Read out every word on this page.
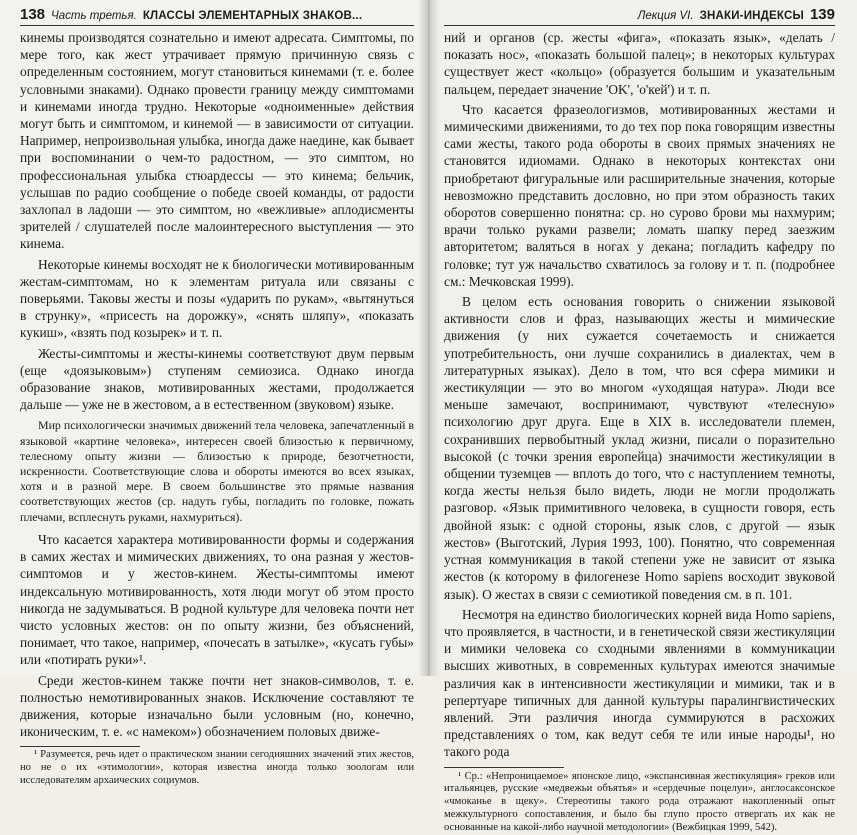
138 Часть третья. КЛАССЫ ЭЛЕМЕНТАРНЫХ ЗНАКОВ...

кинемы производятся сознательно и имеют адресата. Симптомы, по мере того, как жест утрачивает прямую причинную связь с определенным состоянием, могут становиться кинемами (т. е. более условными знаками). Однако провести границу между симптомами и кинемами иногда трудно. Некоторые «одноименные» действия могут быть и симптомом, и кинемой — в зависимости от ситуации. Например, непроизвольная улыбка, иногда даже наедине, как бывает при воспоминании о чем-то радостном, — это симптом, но профессиональная улыбка стюардессы — это кинема; бельчик, услышав по радио сообщение о победе своей команды, от радости захлопал в ладоши — это симптом, но «вежливые» аплодисменты зрителей / слушателей после малоинтересного выступления — это кинема.

Некоторые кинемы восходят не к биологически мотивированным жестам-симптомам, но к элементам ритуала или связаны с поверьями. Таковы жесты и позы «ударить по рукам», «вытянуться в струнку», «присесть на дорожку», «снять шляпу», «показать кукиш», «взять под козырек» и т. п.

Жесты-симптомы и жесты-кинемы соответствуют двум первым (еще «доязыковым») ступеням семиозиса. Однако иногда образование знаков, мотивированных жестами, продолжается дальше — уже не в жестовом, а в естественном (звуковом) языке.

Мир психологически значимых движений тела человека, запечатленный в языковой «картине человека», интересен своей близостью к первичному, телесному опыту жизни — близостью к природе, безотчетности, искренности. Соответствующие слова и обороты имеются во всех языках, хотя и в разной мере. В своем большинстве это прямые названия соответствующих жестов (ср. надуть губы, погладить по головке, пожать плечами, всплеснуть руками, нахмуриться).

Что касается характера мотивированности формы и содержания в самих жестах и мимических движениях, то она разная у жестов-симптомов и у жестов-кинем. Жесты-симптомы имеют индексальную мотивированность, хотя люди могут об этом просто никогда не задумываться. В родной культуре для человека почти нет чисто условных жестов: он по опыту жизни, без объяснений, понимает, что такое, например, «почесать в затылке», «кусать губы» или «потирать руки»¹.

Среди жестов-кинем также почти нет знаков-символов, т. е. полностью немотивированных знаков. Исключение составляют те движения, которые изначально были условным (но, конечно, иконическим, т. е. «с намеком») обозначением половых движе-

¹ Разумеется, речь идет о практическом знании сегодняшних значений этих жестов, но не о их «этимологии», которая известна иногда только зоологам или исследователям архаических социумов.

Лекция VI. ЗНАКИ-ИНДЕКСЫ 139

ний и органов (ср. жесты «фига», «показать язык», «делать / показать нос», «показать большой палец»; в некоторых культурах существует жест «кольцо» (образуется большим и указательным пальцем, передает значение 'OK', 'о'кей') и т. п.

Что касается фразеологизмов, мотивированных жестами и мимическими движениями, то до тех пор пока говорящим известны сами жесты, такого рода обороты в своих прямых значениях не становятся идиомами. Однако в некоторых контекстах они приобретают фигуральные или расширительные значения, которые невозможно представить дословно, но при этом образность таких оборотов совершенно понятна: ср. но сурово брови мы нахмурим; врачи только руками развели; ломать шапку перед заезжим авторитетом; валяться в ногах у декана; погладить кафедру по головке; тут уж начальство схватилось за голову и т. п. (подробнее см.: Мечковская 1999).

В целом есть основания говорить о снижении языковой активности слов и фраз, называющих жесты и мимические движения (у них сужается сочетаемость и снижается употребительность, они лучше сохранились в диалектах, чем в литературных языках). Дело в том, что вся сфера мимики и жестикуляции — это во многом «уходящая натура». Люди все меньше замечают, воспринимают, чувствуют «телесную» психологию друг друга. Еще в XIX в. исследователи племен, сохранивших первобытный уклад жизни, писали о поразительно высокой (с точки зрения европейца) значимости жестикуляции в общении туземцев — вплоть до того, что с наступлением темноты, когда жесты нельзя было видеть, люди не могли продолжать разговор. «Язык примитивного человека, в сущности говоря, есть двойной язык: с одной стороны, язык слов, с другой — язык жестов» (Выготский, Лурия 1993, 100). Понятно, что современная устная коммуникация в такой степени уже не зависит от языка жестов (к которому в филогенезе Homo sapiens восходит звуковой язык). О жестах в связи с семиотикой поведения см. в п. 101.

Несмотря на единство биологических корней вида Homo sapiens, что проявляется, в частности, и в генетической связи жестикуляции и мимики человека со сходными явлениями в коммуникации высших животных, в современных культурах имеются значимые различия как в интенсивности жестикуляции и мимики, так и в репертуаре типичных для данной культуры паралингвистических явлений. Эти различия иногда суммируются в расхожих представлениях о том, как ведут себя те или иные народы¹, но такого рода

¹ Ср.: «Непроницаемое» японское лицо, «экспансивная жестикуляция» греков или итальянцев, русские «медвежьи объятья» и «сердечные поцелуи», англосаксонское «чмоканье в щеку». Стереотипы такого рода отражают накопленный опыт межкультурного сопоставления, и было бы глупо просто отвергать их как не основанные на какой-либо научной методологии» (Вежбицкая 1999, 542).
